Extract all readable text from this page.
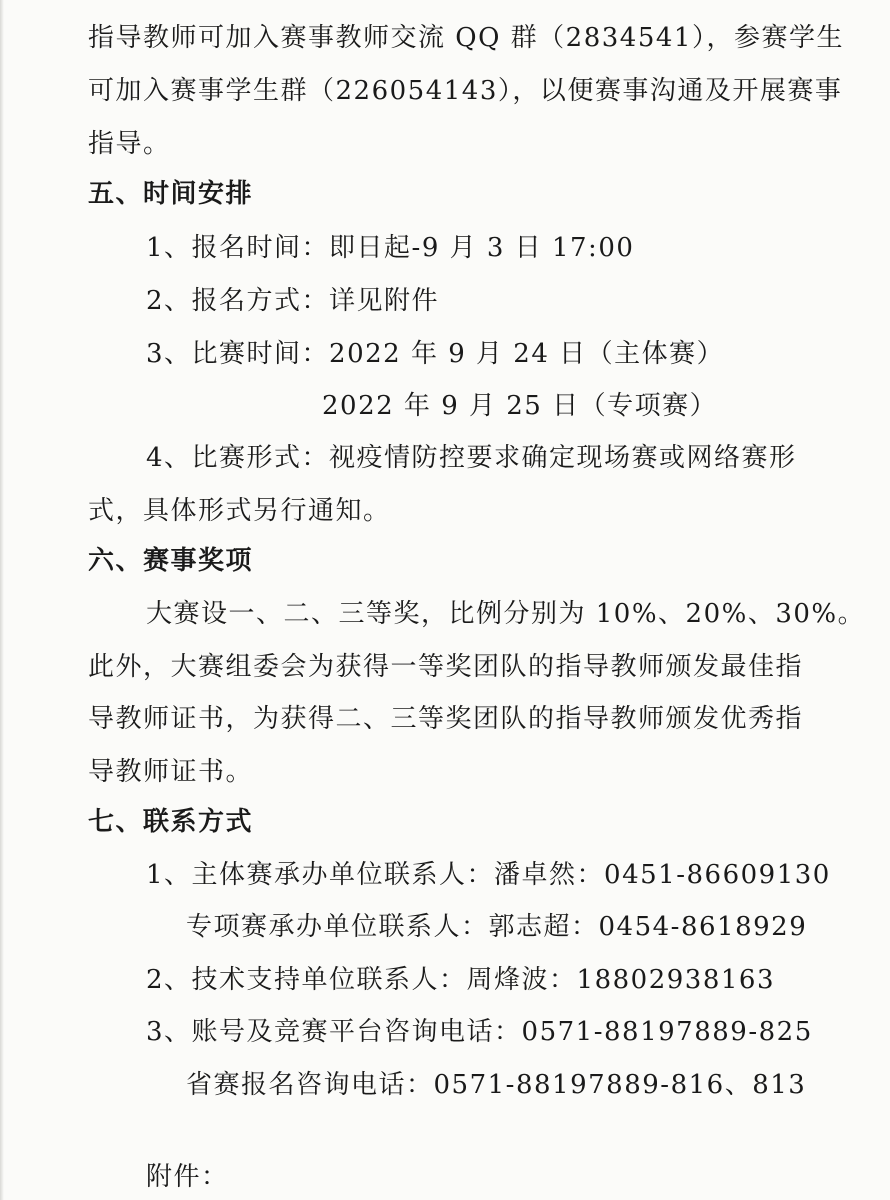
指导教师可加入赛事教师交流 QQ 群（2834541），参赛学生
可加入赛事学生群（226054143），以便赛事沟通及开展赛事
指导。
五、时间安排
1、报名时间：即日起-9 月 3 日 17:00
2、报名方式：详见附件
3、比赛时间：2022 年 9 月 24 日（主体赛）
2022 年 9 月 25 日（专项赛）
4、比赛形式：视疫情防控要求确定现场赛或网络赛形
式，具体形式另行通知。
六、赛事奖项
大赛设一、二、三等奖，比例分别为 10%、20%、30%。
此外，大赛组委会为获得一等奖团队的指导教师颁发最佳指
导教师证书，为获得二、三等奖团队的指导教师颁发优秀指
导教师证书。
七、联系方式
1、主体赛承办单位联系人：潘卓然：0451-86609130
专项赛承办单位联系人：郭志超：0454-8618929
2、技术支持单位联系人：周烽波：18802938163
3、账号及竞赛平台咨询电话：0571-88197889-825
省赛报名咨询电话：0571-88197889-816、813
附件：
